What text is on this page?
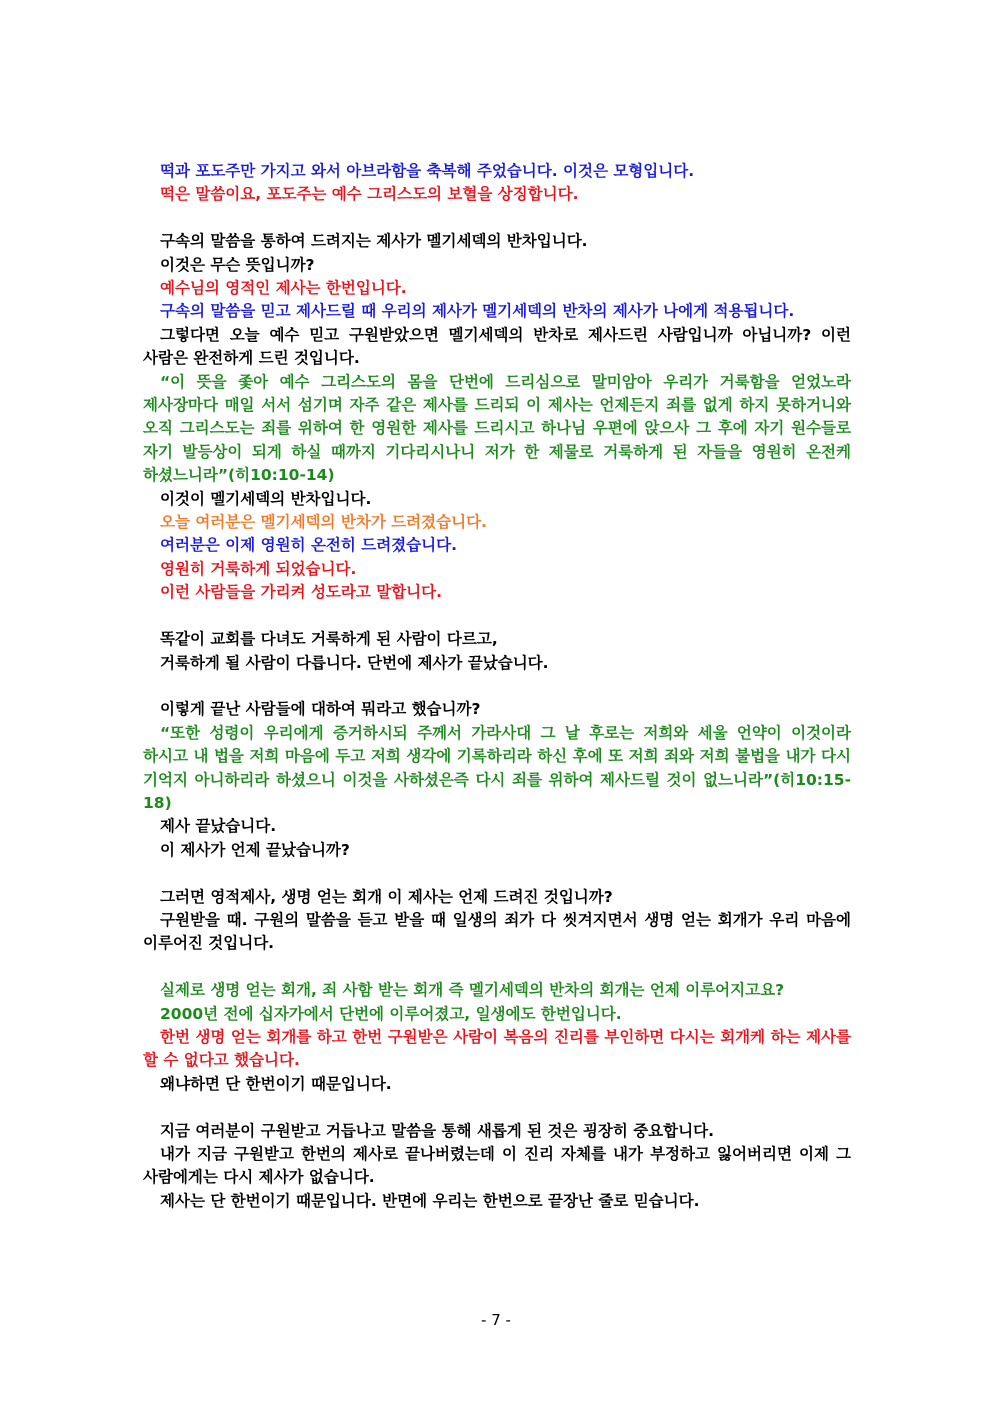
떡과 포도주만 가지고 와서 아브라함을 축복해 주었습니다. 이것은 모형입니다.

떡은 말씀이요, 포도주는 예수 그리스도의 보혈을 상징합니다.

구속의 말씀을 통하여 드려지는 제사가 멜기세덱의 반차입니다.

이것은 무슨 뜻입니까?

예수님의 영적인 제사는 한번입니다.

구속의 말씀을 믿고 제사드릴 때 우리의 제사가 멜기세덱의 반차의 제사가 나에게 적용됩니다.

그렇다면 오늘 예수 믿고 구원받았으면 멜기세덱의 반차로 제사드린 사람입니까 아닙니까? 이런 사람은 완전하게 드린 것입니다.

“이 뜻을 좇아 예수 그리스도의 몸을 단번에 드리심으로 말미암아 우리가 거룩함을 얻었노라 제사장마다 매일 서서 섬기며 자주 같은 제사를 드리되 이 제사는 언제든지 죄를 없게 하지 못하거니와 오직 그리스도는 죄를 위하여 한 영원한 제사를 드리시고 하나님 우편에 앉으사 그 후에 자기 원수들로 자기 발등상이 되게 하실 때까지 기다리시나니 저가 한 제물로 거룩하게 된 자들을 영원히 온전케 하셨느니라”(히10:10-14)

이것이 멜기세덱의 반차입니다.

오늘 여러분은 멜기세덱의 반차가 드려졌습니다.

여러분은 이제 영원히 온전히 드려졌습니다.

영원히 거룩하게 되었습니다.

이런 사람들을 가리켜 성도라고 말합니다.

똑같이 교회를 다녀도 거룩하게 된 사람이 다르고,

거룩하게 될 사람이 다릅니다. 단번에 제사가 끝났습니다.

이렇게 끝난 사람들에 대하여 뭐라고 했습니까?

“또한 성령이 우리에게 증거하시되 주께서 가라사대 그 날 후로는 저희와 세울 언약이 이것이라 하시고 내 법을 저희 마음에 두고 저희 생각에 기록하리라 하신 후에 또 저희 죄와 저희 불법을 내가 다시 기억지 아니하리라 하셨으니 이것을 사하셨은즉 다시 죄를 위하여 제사드릴 것이 없느니라”(히10:15-18)

제사 끝났습니다.

이 제사가 언제 끝났습니까?

그러면 영적제사, 생명 얻는 회개 이 제사는 언제 드려진 것입니까?

구원받을 때. 구원의 말씀을 듣고 받을 때 일생의 죄가 다 씻겨지면서 생명 얻는 회개가 우리 마음에 이루어진 것입니다.

실제로 생명 얻는 회개, 죄 사함 받는 회개 즉 멜기세덱의 반차의 회개는 언제 이루어지고요?

2000년 전에 십자가에서 단번에 이루어졌고, 일생에도 한번입니다.

한번 생명 얻는 회개를 하고 한번 구원받은 사람이 복음의 진리를 부인하면 다시는 회개케 하는 제사를 할 수 없다고 했습니다.

왜냐하면 단 한번이기 때문입니다.

지금 여러분이 구원받고 거듭나고 말씀을 통해 새롭게 된 것은 굉장히 중요합니다.

내가 지금 구원받고 한번의 제사로 끝나버렸는데 이 진리 자체를 내가 부정하고 잃어버리면 이제 그 사람에게는 다시 제사가 없습니다.

제사는 단 한번이기 때문입니다. 반면에 우리는 한번으로 끝장난 줄로 믿습니다.

- 7 -
